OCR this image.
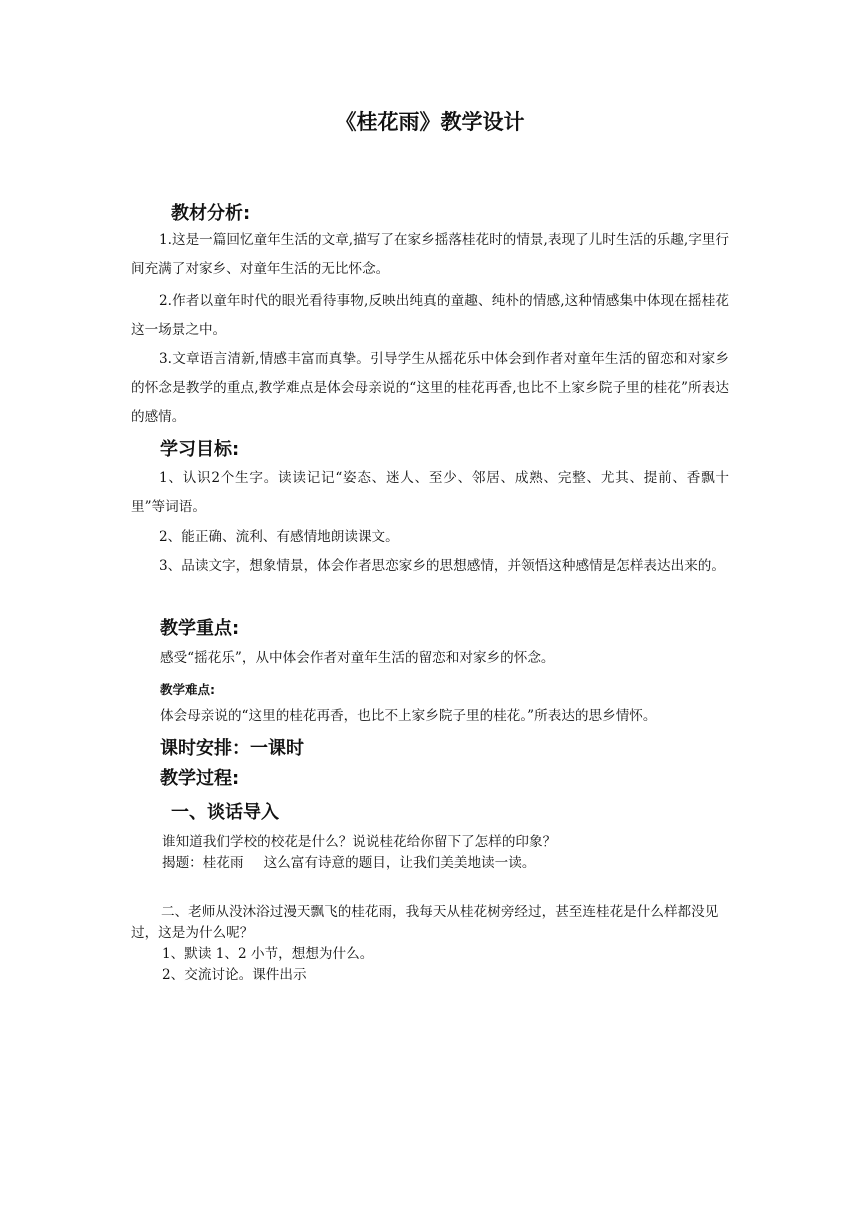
《桂花雨》教学设计
教材分析:
1.这是一篇回忆童年生活的文章,描写了在家乡摇落桂花时的情景,表现了儿时生活的乐趣,字里行间充满了对家乡、对童年生活的无比怀念。
2.作者以童年时代的眼光看待事物,反映出纯真的童趣、纯朴的情感,这种情感集中体现在摇桂花这一场景之中。
3.文章语言清新,情感丰富而真挚。引导学生从摇花乐中体会到作者对童年生活的留恋和对家乡的怀念是教学的重点,教学难点是体会母亲说的“这里的桂花再香,也比不上家乡院子里的桂花”所表达的感情。
学习目标:
1、认识2个生字。读读记记“姿态、迷人、至少、邻居、成熟、完整、尤其、提前、香飘十里”等词语。
2、能正确、流利、有感情地朗读课文。
3、品读文字，想象情景，体会作者思恋家乡的思想感情，并领悟这种感情是怎样表达出来的。
教学重点:
感受“摇花乐”，从中体会作者对童年生活的留恋和对家乡的怀念。
教学难点:
体会母亲说的“这里的桂花再香，也比不上家乡院子里的桂花。”所表达的思乡情怀。
课时安排：一课时
教学过程:
一、谈话导入
谁知道我们学校的校花是什么？说说桂花给你留下了怎样的印象？
揭题：桂花雨 这么富有诗意的题目，让我们美美地读一读。
二、老师从没沐浴过漫天飘飞的桂花雨，我每天从桂花树旁经过，甚至连桂花是什么样都没见过，这是为什么呢？
1、默读 1、2 小节，想想为什么。
2、交流讨论。课件出示
